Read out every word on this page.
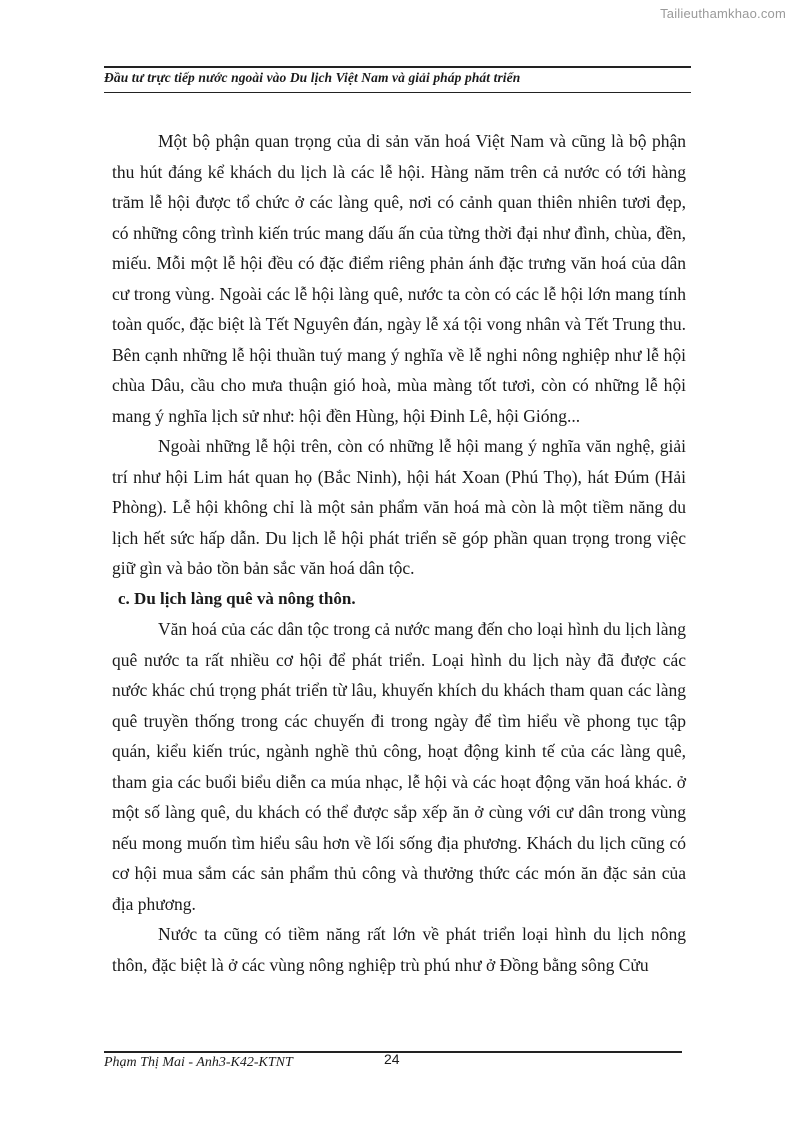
Tailieuthamkhao.com
Đầu tư trực tiếp nước ngoài vào Du lịch Việt Nam và giải pháp phát triển

Một bộ phận quan trọng của di sản văn hoá Việt Nam và cũng là bộ phận thu hút đáng kể khách du lịch là các lễ hội. Hàng năm trên cả nước có tới hàng trăm lễ hội được tổ chức ở các làng quê, nơi có cảnh quan thiên nhiên tươi đẹp, có những công trình kiến trúc mang dấu ấn của từng thời đại như đình, chùa, đền, miếu. Mỗi một lễ hội đều có đặc điểm riêng phản ánh đặc trưng văn hoá của dân cư trong vùng. Ngoài các lễ hội làng quê, nước ta còn có các lễ hội lớn mang tính toàn quốc, đặc biệt là Tết Nguyên đán, ngày lễ xá tội vong nhân và Tết Trung thu. Bên cạnh những lễ hội thuần tuý mang ý nghĩa về lễ nghi nông nghiệp như lễ hội chùa Dâu, cầu cho mưa thuận gió hoà, mùa màng tốt tươi, còn có những lễ hội mang ý nghĩa lịch sử như: hội đền Hùng, hội Đinh Lê, hội Gióng...

Ngoài những lễ hội trên, còn có những lễ hội mang ý nghĩa văn nghệ, giải trí như hội Lim hát quan họ (Bắc Ninh), hội hát Xoan (Phú Thọ), hát Đúm (Hải Phòng). Lễ hội không chỉ là một sản phẩm văn hoá mà còn là một tiềm năng du lịch hết sức hấp dẫn. Du lịch lễ hội phát triển sẽ góp phần quan trọng trong việc giữ gìn và bảo tồn bản sắc văn hoá dân tộc.

c. Du lịch làng quê và nông thôn.

Văn hoá của các dân tộc trong cả nước mang đến cho loại hình du lịch làng quê nước ta rất nhiều cơ hội để phát triển. Loại hình du lịch này đã được các nước khác chú trọng phát triển từ lâu, khuyến khích du khách tham quan các làng quê truyền thống trong các chuyến đi trong ngày để tìm hiểu về phong tục tập quán, kiểu kiến trúc, ngành nghề thủ công, hoạt động kinh tế của các làng quê, tham gia các buổi biểu diễn ca múa nhạc, lễ hội và các hoạt động văn hoá khác. ở một số làng quê, du khách có thể được sắp xếp ăn ở cùng với cư dân trong vùng nếu mong muốn tìm hiểu sâu hơn về lối sống địa phương. Khách du lịch cũng có cơ hội mua sắm các sản phẩm thủ công và thưởng thức các món ăn đặc sản của địa phương.

Nước ta cũng có tiềm năng rất lớn về phát triển loại hình du lịch nông thôn, đặc biệt là ở các vùng nông nghiệp trù phú như ở Đồng bằng sông Cửu

Phạm Thị Mai - Anh3-K42-KTNT	24
